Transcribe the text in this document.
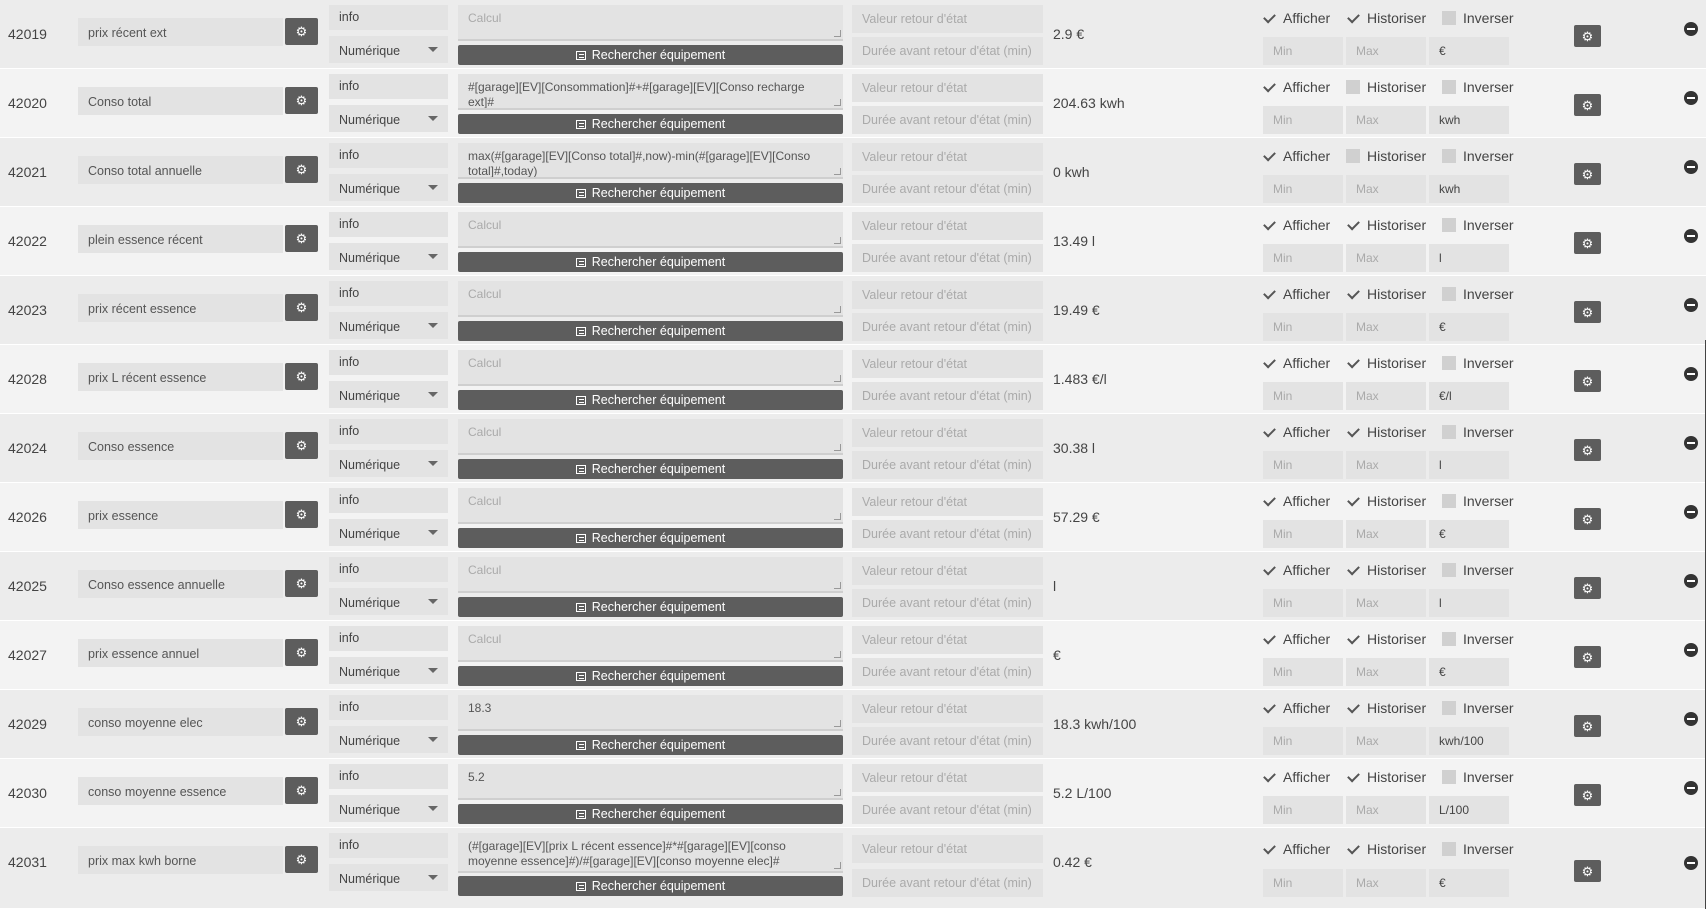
42019	prix récent ext	⚙
info
Numérique
Calcul
Rechercher équipement
Valeur retour d'état
Durée avant retour d'état (min)
2.9 €
Afficher	Historiser	Inverser
Min	Max	€
⚙
42020	Conso total	⚙
info
Numérique
#[garage][EV][Consommation]#+#[garage][EV][Conso recharge ext]#
Rechercher équipement
Valeur retour d'état
Durée avant retour d'état (min)
204.63 kwh
Afficher	Historiser	Inverser
Min	Max	kwh
⚙
42021	Conso total annuelle	⚙
info
Numérique
max(#[garage][EV][Conso total]#,now)-min(#[garage][EV][Conso total]#,today)
Rechercher équipement
Valeur retour d'état
Durée avant retour d'état (min)
0 kwh
Afficher	Historiser	Inverser
Min	Max	kwh
⚙
42022	plein essence récent	⚙
info
Numérique
Calcul
Rechercher équipement
Valeur retour d'état
Durée avant retour d'état (min)
13.49 l
Afficher	Historiser	Inverser
Min	Max	l
⚙
42023	prix récent essence	⚙
info
Numérique
Calcul
Rechercher équipement
Valeur retour d'état
Durée avant retour d'état (min)
19.49 €
Afficher	Historiser	Inverser
Min	Max	€
⚙
42028	prix L récent essence	⚙
info
Numérique
Calcul
Rechercher équipement
Valeur retour d'état
Durée avant retour d'état (min)
1.483 €/l
Afficher	Historiser	Inverser
Min	Max	€/l
⚙
42024	Conso essence	⚙
info
Numérique
Calcul
Rechercher équipement
Valeur retour d'état
Durée avant retour d'état (min)
30.38 l
Afficher	Historiser	Inverser
Min	Max	l
⚙
42026	prix essence	⚙
info
Numérique
Calcul
Rechercher équipement
Valeur retour d'état
Durée avant retour d'état (min)
57.29 €
Afficher	Historiser	Inverser
Min	Max	€
⚙
42025	Conso essence annuelle	⚙
info
Numérique
Calcul
Rechercher équipement
Valeur retour d'état
Durée avant retour d'état (min)
l
Afficher	Historiser	Inverser
Min	Max	l
⚙
42027	prix essence annuel	⚙
info
Numérique
Calcul
Rechercher équipement
Valeur retour d'état
Durée avant retour d'état (min)
€
Afficher	Historiser	Inverser
Min	Max	€
⚙
42029	conso moyenne elec	⚙
info
Numérique
18.3
Rechercher équipement
Valeur retour d'état
Durée avant retour d'état (min)
18.3 kwh/100
Afficher	Historiser	Inverser
Min	Max	kwh/100
⚙
42030	conso moyenne essence	⚙
info
Numérique
5.2
Rechercher équipement
Valeur retour d'état
Durée avant retour d'état (min)
5.2 L/100
Afficher	Historiser	Inverser
Min	Max	L/100
⚙
42031	prix max kwh borne	⚙
info
Numérique
(#[garage][EV][prix L récent essence]#*#[garage][EV][conso moyenne essence]#)/#[garage][EV][conso moyenne elec]#
Rechercher équipement
Valeur retour d'état
Durée avant retour d'état (min)
0.42 €
Afficher	Historiser	Inverser
Min	Max	€
⚙
